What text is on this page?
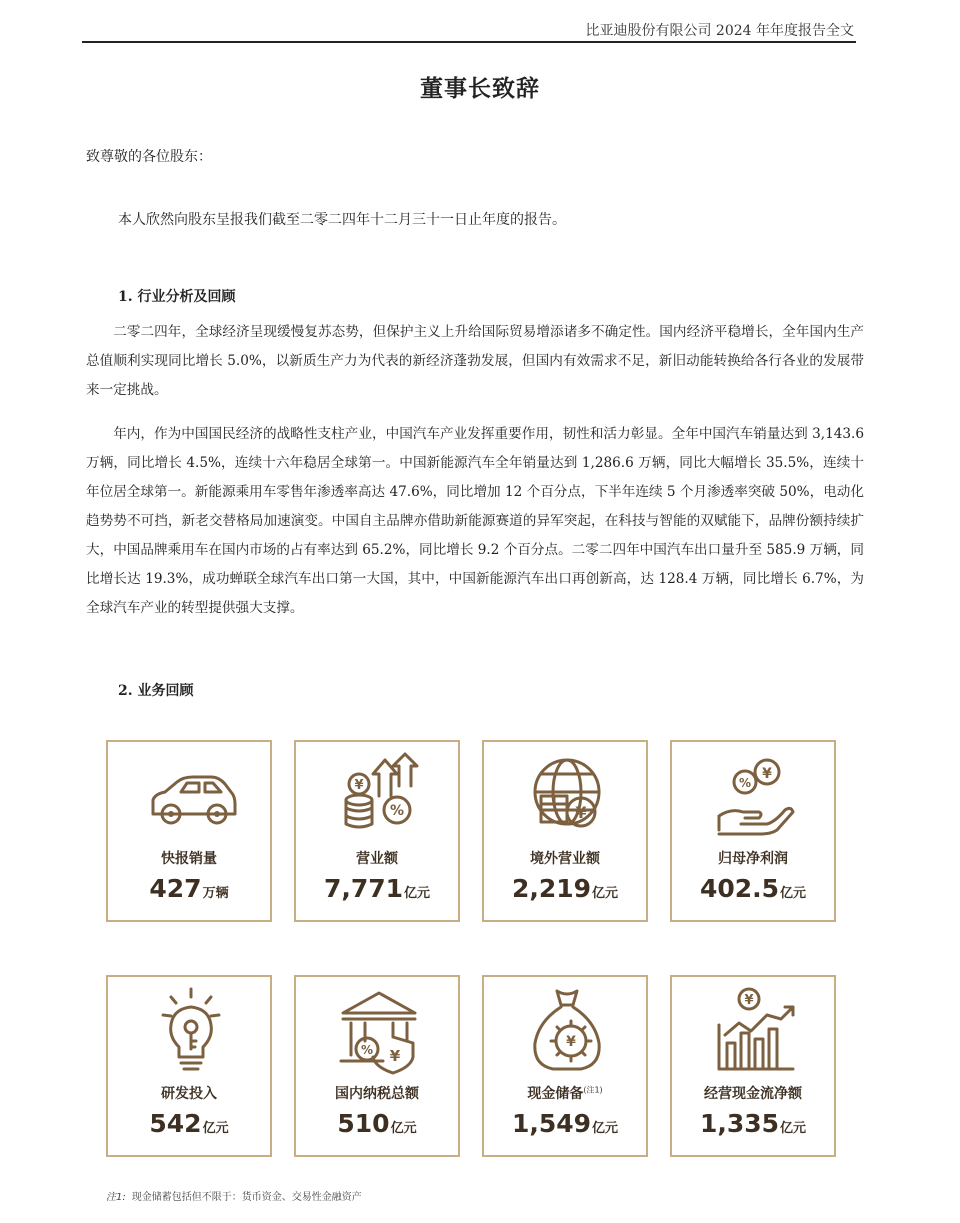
比亚迪股份有限公司 2024 年年度报告全文
董事长致辞
致尊敬的各位股东：
本人欣然向股东呈报我们截至二零二四年十二月三十一日止年度的报告。
1. 行业分析及回顾

二零二四年，全球经济呈现缓慢复苏态势，但保护主义上升给国际贸易增添诸多不确定性。国内经济平稳增长，全年国内生产总值顺利实现同比增长 5.0%，以新质生产力为代表的新经济蓬勃发展，但国内有效需求不足，新旧动能转换给各行各业的发展带来一定挑战。

年内，作为中国国民经济的战略性支柱产业，中国汽车产业发挥重要作用，韧性和活力彰显。全年中国汽车销量达到 3,143.6 万辆，同比增长 4.5%，连续十六年稳居全球第一。中国新能源汽车全年销量达到 1,286.6 万辆，同比大幅增长 35.5%，连续十年位居全球第一。新能源乘用车零售年渗透率高达 47.6%，同比增加 12 个百分点，下半年连续 5 个月渗透率突破 50%，电动化趋势势不可挡，新老交替格局加速演变。中国自主品牌亦借助新能源赛道的异军突起，在科技与智能的双赋能下，品牌份额持续扩大，中国品牌乘用车在国内市场的占有率达到 65.2%，同比增长 9.2 个百分点。二零二四年中国汽车出口量升至 585.9 万辆，同比增长达 19.3%，成功蝉联全球汽车出口第一大国，其中，中国新能源汽车出口再创新高，达 128.4 万辆，同比增长 6.7%，为全球汽车产业的转型提供强大支撑。

2. 业务回顾
快报销量
427万辆
¥
%
营业额
7,771亿元
¥
境外营业额
2,219亿元
%
¥
归母净利润
402.5亿元
研发投入
542亿元
% ¥
国内纳税总额
510亿元
¥
现金储备$^{(注1)}$
1,549亿元
¥
经营现金流净额
1,335亿元
注1: 现金储蓄包括但不限于：货币资金、交易性金融资产
